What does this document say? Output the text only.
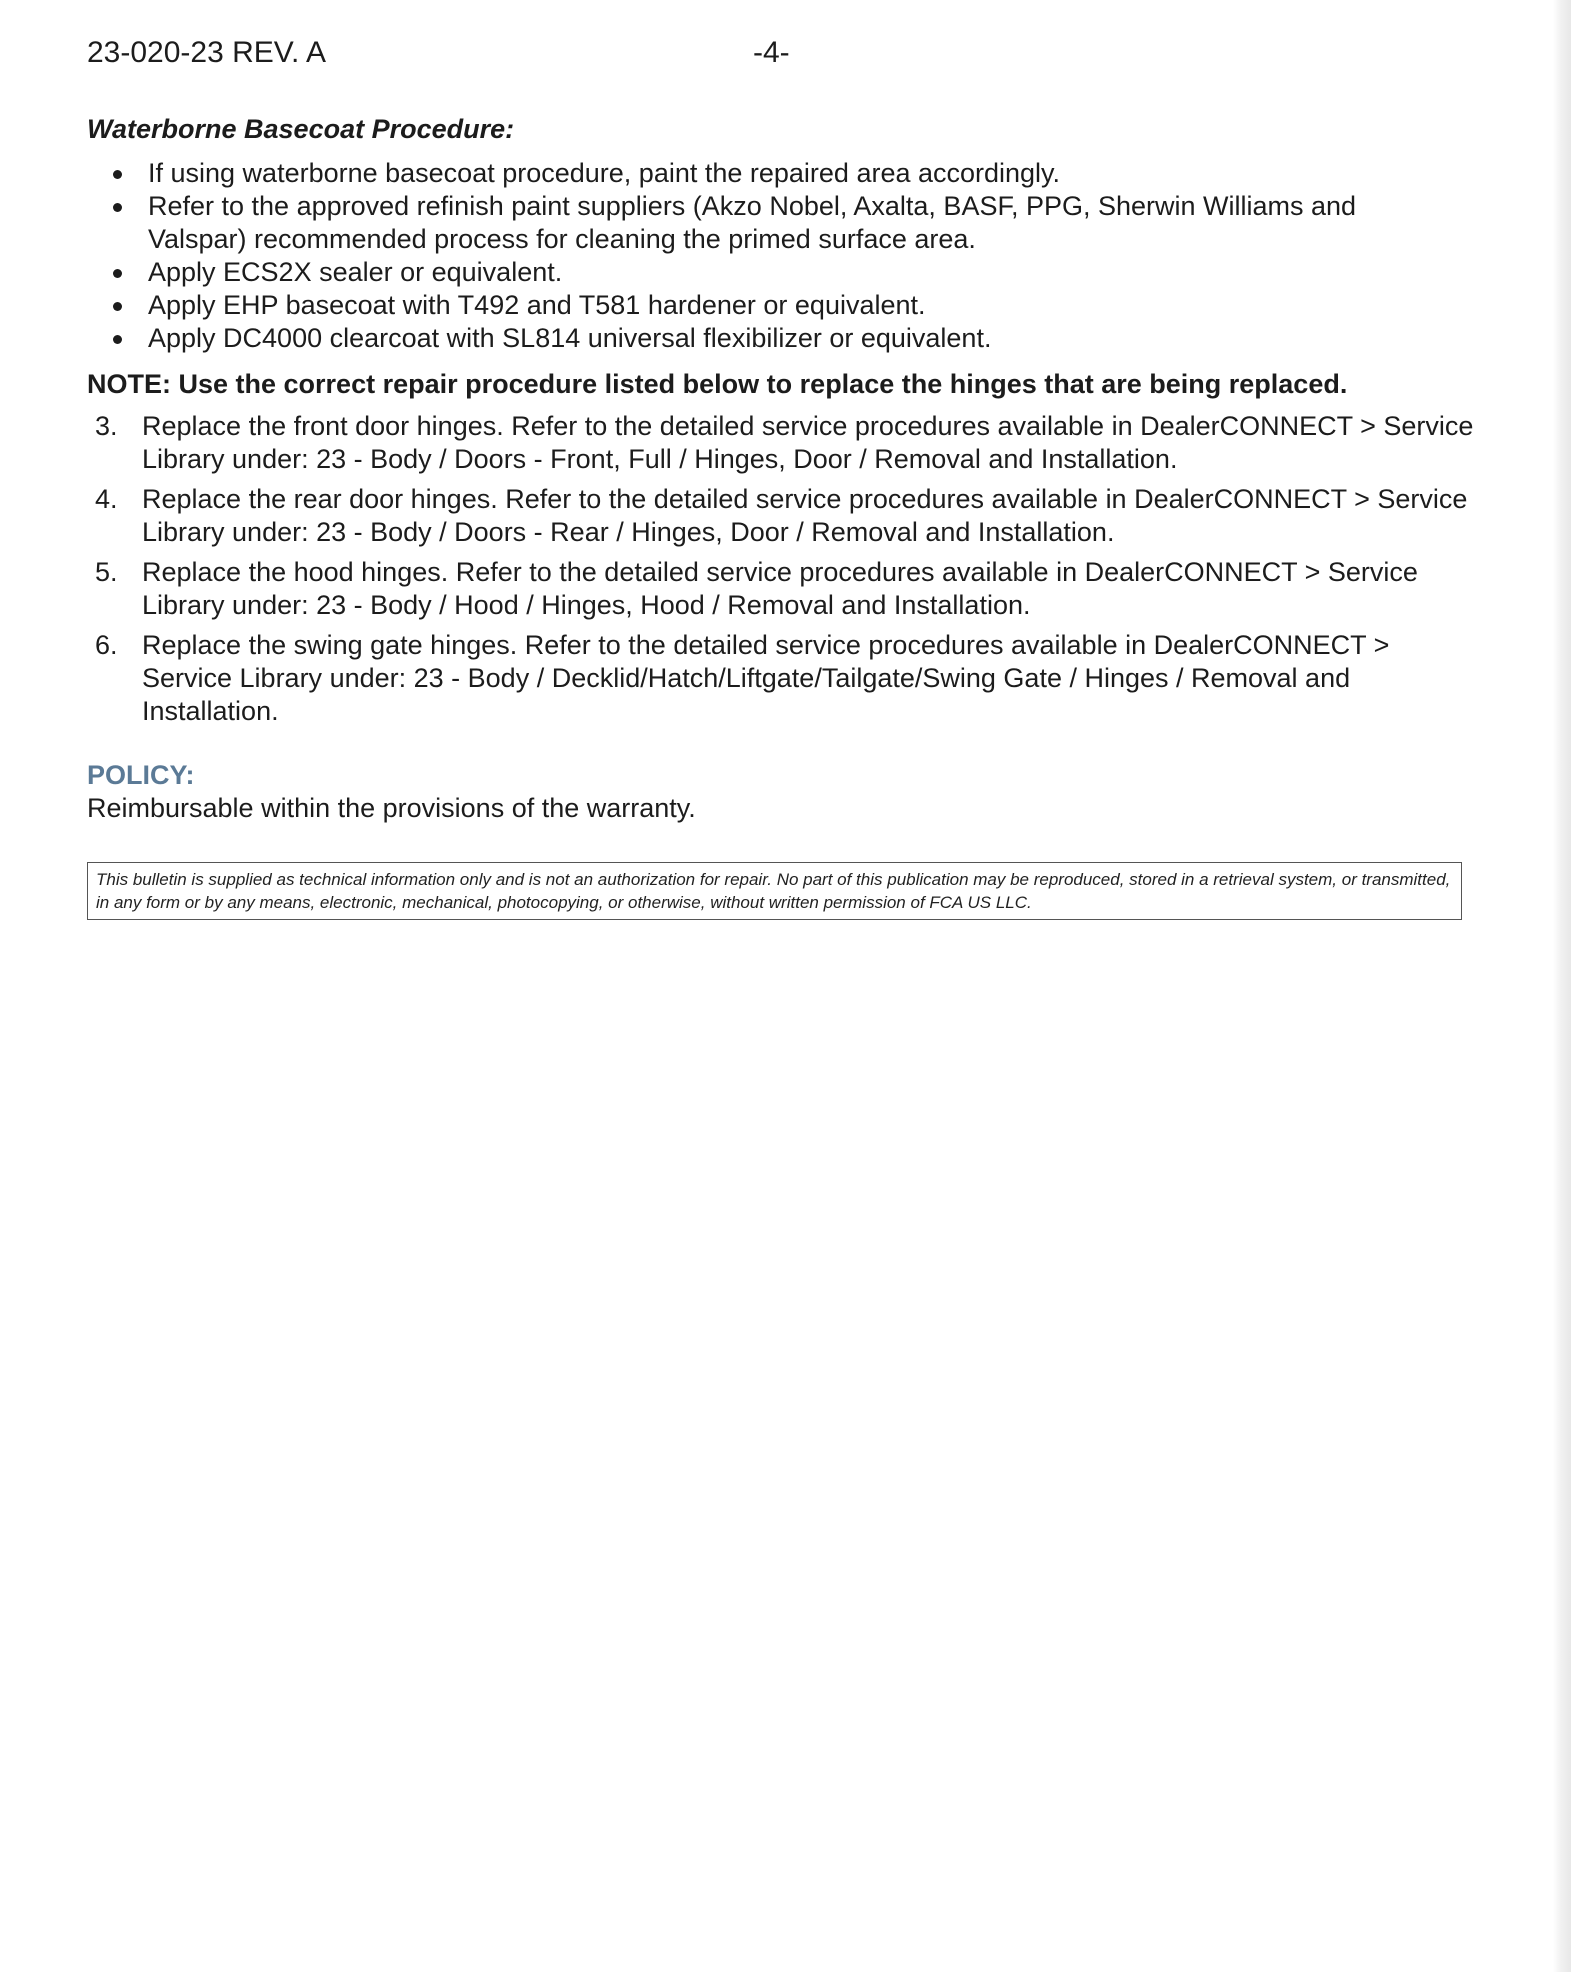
23-020-23 REV. A	-4-
Waterborne Basecoat Procedure:
If using waterborne basecoat procedure, paint the repaired area accordingly.
Refer to the approved refinish paint suppliers (Akzo Nobel, Axalta, BASF, PPG, Sherwin Williams and Valspar) recommended process for cleaning the primed surface area.
Apply ECS2X sealer or equivalent.
Apply EHP basecoat with T492 and T581 hardener or equivalent.
Apply DC4000 clearcoat with SL814 universal flexibilizer or equivalent.
NOTE: Use the correct repair procedure listed below to replace the hinges that are being replaced.
3. Replace the front door hinges. Refer to the detailed service procedures available in DealerCONNECT > Service Library under: 23 - Body / Doors - Front, Full / Hinges, Door / Removal and Installation.
4. Replace the rear door hinges. Refer to the detailed service procedures available in DealerCONNECT > Service Library under: 23 - Body / Doors - Rear / Hinges, Door / Removal and Installation.
5. Replace the hood hinges. Refer to the detailed service procedures available in DealerCONNECT > Service Library under: 23 - Body / Hood / Hinges, Hood / Removal and Installation.
6. Replace the swing gate hinges. Refer to the detailed service procedures available in DealerCONNECT > Service Library under: 23 - Body / Decklid/Hatch/Liftgate/Tailgate/Swing Gate / Hinges / Removal and Installation.
POLICY:
Reimbursable within the provisions of the warranty.
This bulletin is supplied as technical information only and is not an authorization for repair. No part of this publication may be reproduced, stored in a retrieval system, or transmitted, in any form or by any means, electronic, mechanical, photocopying, or otherwise, without written permission of FCA US LLC.
